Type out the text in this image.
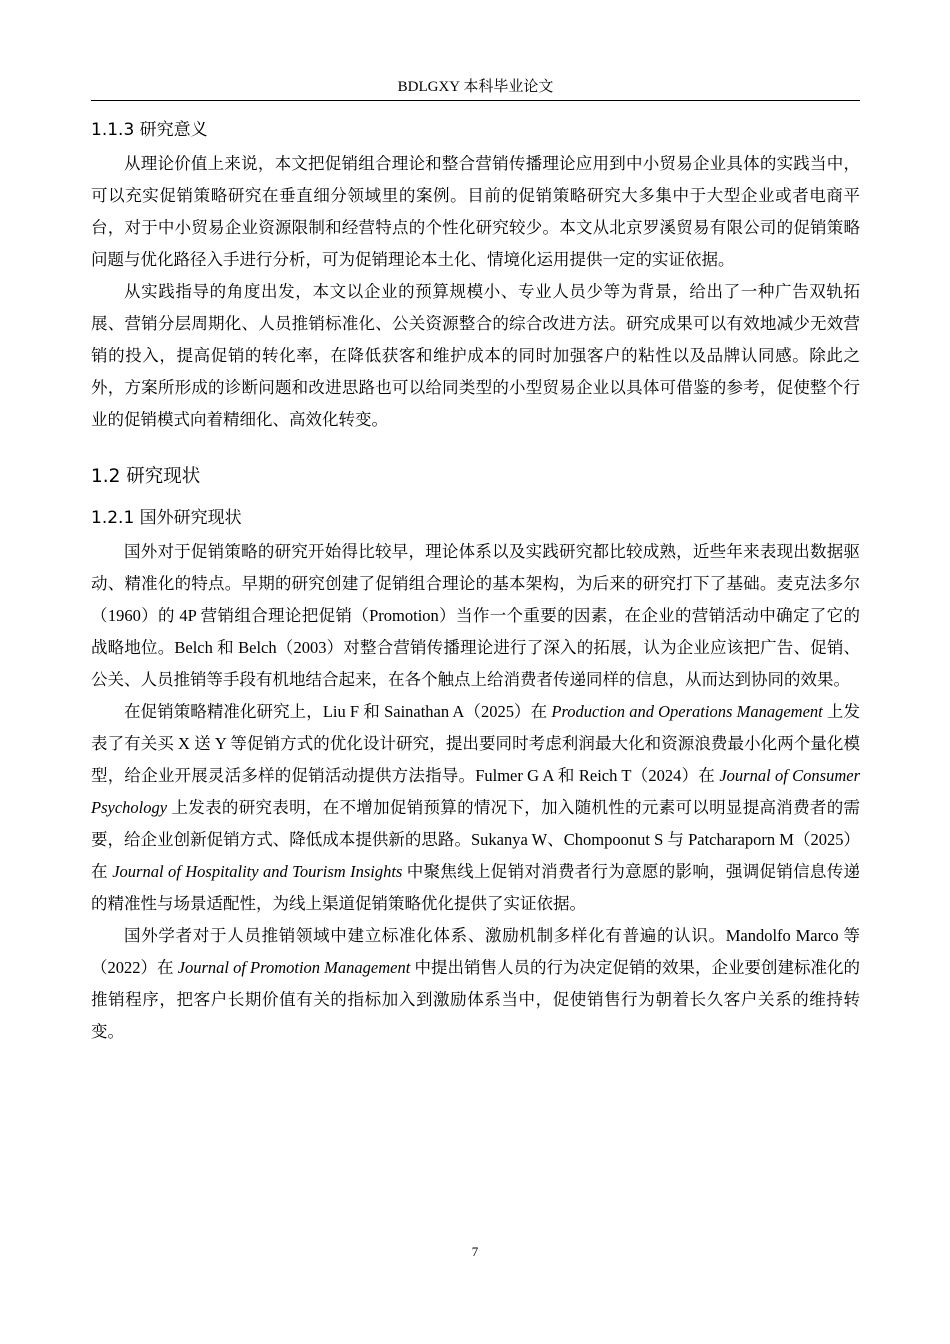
BDLGXY 本科毕业论文
1.1.3 研究意义

从理论价值上来说，本文把促销组合理论和整合营销传播理论应用到中小贸易企业具体的实践当中，可以充实促销策略研究在垂直细分领域里的案例。目前的促销策略研究大多集中于大型企业或者电商平台，对于中小贸易企业资源限制和经营特点的个性化研究较少。本文从北京罗溪贸易有限公司的促销策略问题与优化路径入手进行分析，可为促销理论本土化、情境化运用提供一定的实证依据。

从实践指导的角度出发，本文以企业的预算规模小、专业人员少等为背景，给出了一种广告双轨拓展、营销分层周期化、人员推销标准化、公关资源整合的综合改进方法。研究成果可以有效地减少无效营销的投入，提高促销的转化率，在降低获客和维护成本的同时加强客户的粘性以及品牌认同感。除此之外，方案所形成的诊断问题和改进思路也可以给同类型的小型贸易企业以具体可借鉴的参考，促使整个行业的促销模式向着精细化、高效化转变。

1.2 研究现状
1.2.1 国外研究现状

国外对于促销策略的研究开始得比较早，理论体系以及实践研究都比较成熟，近些年来表现出数据驱动、精准化的特点。早期的研究创建了促销组合理论的基本架构，为后来的研究打下了基础。麦克法多尔（1960）的 4P 营销组合理论把促销（Promotion）当作一个重要的因素，在企业的营销活动中确定了它的战略地位。Belch 和 Belch（2003）对整合营销传播理论进行了深入的拓展，认为企业应该把广告、促销、公关、人员推销等手段有机地结合起来，在各个触点上给消费者传递同样的信息，从而达到协同的效果。

在促销策略精准化研究上，Liu F 和 Sainathan A（2025）在 Production and Operations Management 上发表了有关买 X 送 Y 等促销方式的优化设计研究，提出要同时考虑利润最大化和资源浪费最小化两个量化模型，给企业开展灵活多样的促销活动提供方法指导。Fulmer G A 和 Reich T（2024）在 Journal of Consumer Psychology 上发表的研究表明，在不增加促销预算的情况下，加入随机性的元素可以明显提高消费者的需要，给企业创新促销方式、降低成本提供新的思路。Sukanya W、Chompoonut S 与 Patcharaporn M（2025）在 Journal of Hospitality and Tourism Insights 中聚焦线上促销对消费者行为意愿的影响，强调促销信息传递的精准性与场景适配性，为线上渠道促销策略优化提供了实证依据。

国外学者对于人员推销领域中建立标准化体系、激励机制多样化有普遍的认识。Mandolfo Marco 等（2022）在 Journal of Promotion Management 中提出销售人员的行为决定促销的效果，企业要创建标准化的推销程序，把客户长期价值有关的指标加入到激励体系当中，促使销售行为朝着长久客户关系的维持转变。

7
